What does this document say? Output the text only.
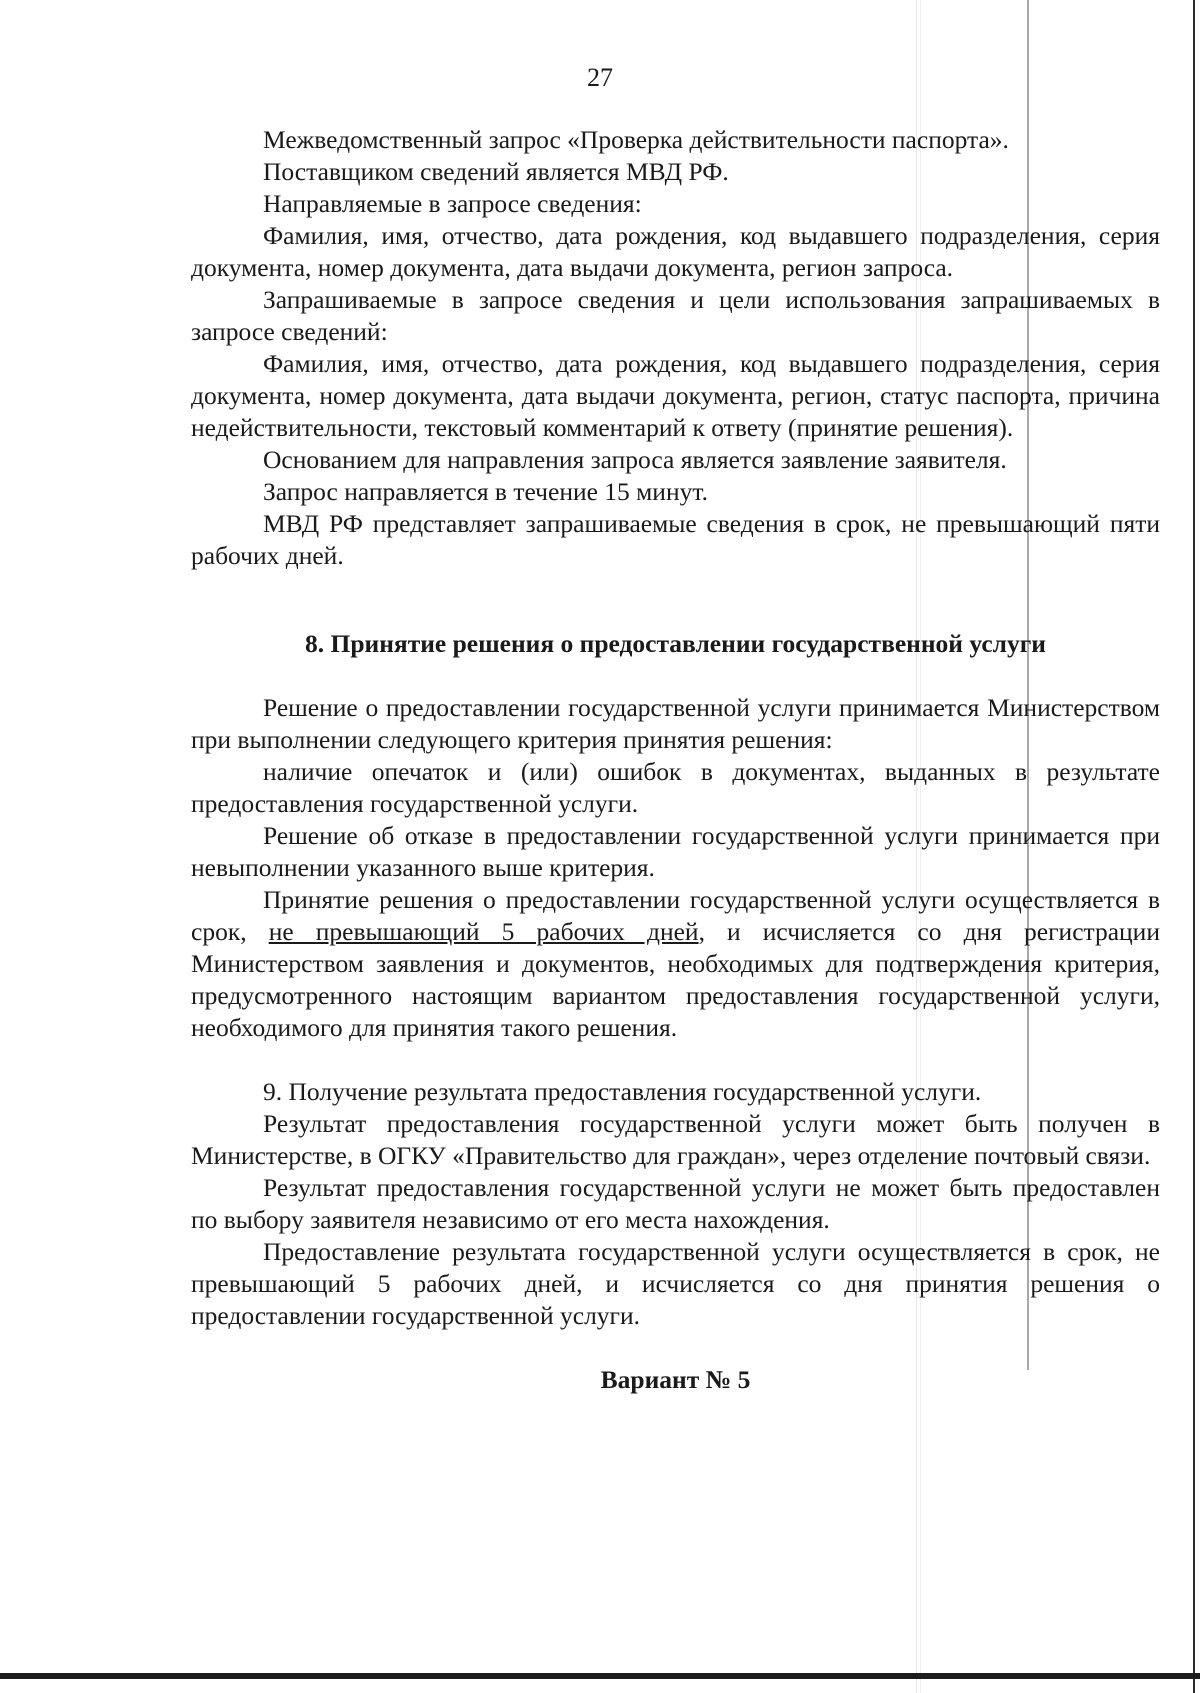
27

Межведомственный запрос «Проверка действительности паспорта».

Поставщиком сведений является МВД РФ.

Направляемые в запросе сведения:

Фамилия, имя, отчество, дата рождения, код выдавшего подразделения, серия документа, номер документа, дата выдачи документа, регион запроса.

Запрашиваемые в запросе сведения и цели использования запрашиваемых в запросе сведений:

Фамилия, имя, отчество, дата рождения, код выдавшего подразделения, серия документа, номер документа, дата выдачи документа, регион, статус паспорта, причина недействительности, текстовый комментарий к ответу (принятие решения).

Основанием для направления запроса является заявление заявителя.

Запрос направляется в течение 15 минут.

МВД РФ представляет запрашиваемые сведения в срок, не превышающий пяти рабочих дней.

8. Принятие решения о предоставлении государственной услуги

Решение о предоставлении государственной услуги принимается Министерством при выполнении следующего критерия принятия решения:

наличие опечаток и (или) ошибок в документах, выданных в результате предоставления государственной услуги.

Решение об отказе в предоставлении государственной услуги принимается при невыполнении указанного выше критерия.

Принятие решения о предоставлении государственной услуги осуществляется в срок, не превышающий 5 рабочих дней, и исчисляется со дня регистрации Министерством заявления и документов, необходимых для подтверждения критерия, предусмотренного настоящим вариантом предоставления государственной услуги, необходимого для принятия такого решения.

9. Получение результата предоставления государственной услуги.

Результат предоставления государственной услуги может быть получен в Министерстве, в ОГКУ «Правительство для граждан», через отделение почтовый связи.

Результат предоставления государственной услуги не может быть предоставлен по выбору заявителя независимо от его места нахождения.

Предоставление результата государственной услуги осуществляется в срок, не превышающий 5 рабочих дней, и исчисляется со дня принятия решения о предоставлении государственной услуги.

Вариант № 5
